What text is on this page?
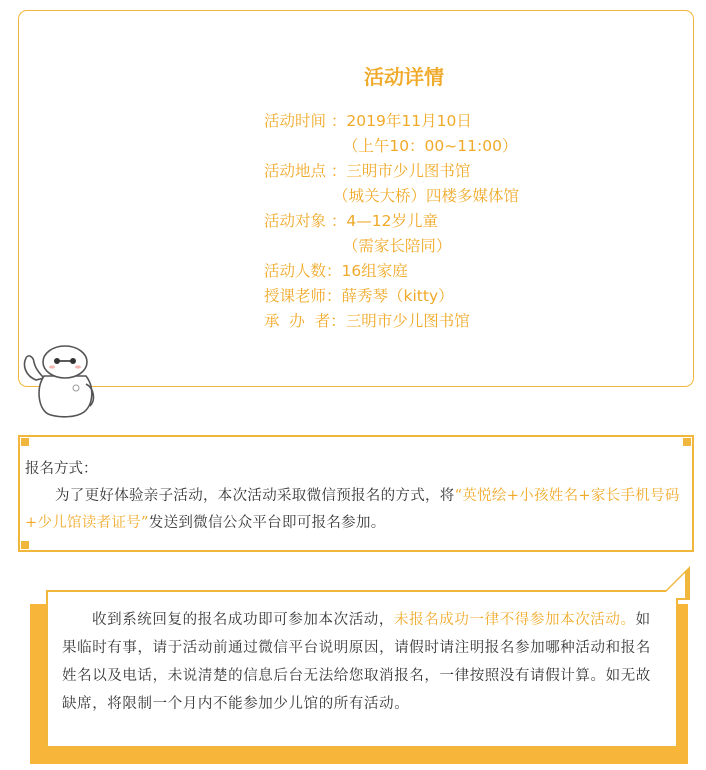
活动详情
活动时间 ：2019年11月10日
（上午10：00~11:00）
活动地点 ：三明市少儿图书馆
（城关大桥）四楼多媒体馆
活动对象 ：4—12岁儿童
（需家长陪同）
活动人数：16组家庭
授课老师：薛秀琴（kitty）
承  办  者：三明市少儿图书馆
报名方式：
为了更好体验亲子活动，本次活动采取微信预报名的方式，将“英悦绘+小孩姓名+家长手机号码+少儿馆读者证号”发送到微信公众平台即可报名参加。
收到系统回复的报名成功即可参加本次活动，未报名成功一律不得参加本次活动。如果临时有事，请于活动前通过微信平台说明原因，请假时请注明报名参加哪种活动和报名姓名以及电话，未说清楚的信息后台无法给您取消报名，一律按照没有请假计算。如无故缺席，将限制一个月内不能参加少儿馆的所有活动。
